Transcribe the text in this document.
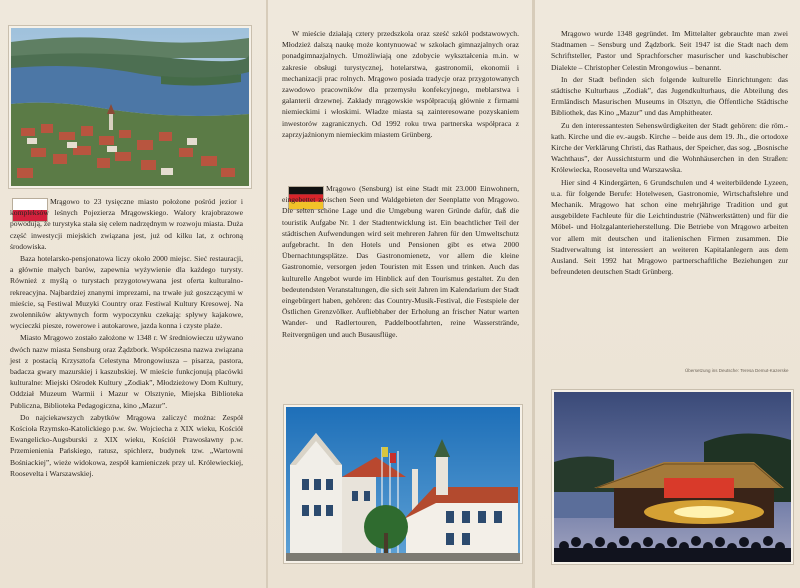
Mrągowo to 23 tysięczne miasto położone pośród jezior i kompleksów leśnych Pojezierza Mrągowskiego. Walory krajobrazowe powodują, że turystyka stała się celem nadrzędnym w rozwoju miasta. Duża część inwestycji miejskich związana jest, już od kilku lat, z ochroną środowiska.

Baza hotelarsko-pensjonatowa liczy około 2000 miejsc. Sieć restauracji, a głównie małych barów, zapewnia wyżywienie dla każdego turysty. Również z myślą o turystach przygotowywana jest oferta kulturalno-rekreacyjna. Najbardziej znanymi imprezami, na trwałe już goszczącymi w mieście, są Festiwal Muzyki Country oraz Festiwal Kultury Kresowej. Na zwolenników aktywnych form wypoczynku czekają: spływy kajakowe, wycieczki piesze, rowerowe i autokarowe, jazda konna i czyste plaże.

Miasto Mrągowo zostało założone w 1348 r. W średniowieczu używano dwóch nazw miasta Sensburg oraz Żądzbork. Współczesna nazwa związana jest z postacią Krzysztofa Celestyna Mrongowiusza – pisarza, pastora, badacza gwary mazurskiej i kaszubskiej. W mieście funkcjonują placówki kulturalne: Miejski Ośrodek Kultury „Zodiak”, Młodzieżowy Dom Kultury, Oddział Muzeum Warmii i Mazur w Olsztynie, Miejska Biblioteka Publiczna, Biblioteka Pedagogiczna, kino „Mazur”.

Do najciekawszych zabytków Mrągowa zaliczyć można: Zespół Kościoła Rzymsko-Katolickiego p.w. św. Wojciecha z XIX wieku, Kościół Ewangelicko-Augsburski z XIX wieku, Kościół Prawosławny p.w. Przemienienia Pańskiego, ratusz, spichlerz, budynek tzw. „Wartowni Bośniackiej”, wieże widokowa, zespół kamieniczek przy ul. Królewieckiej, Roosevelta i Warszawskiej.

W mieście działają cztery przedszkola oraz sześć szkół podstawowych. Młodzież dalszą naukę może kontynuować w szkołach gimnazjalnych oraz ponadgimnazjalnych. Umożliwiają one zdobycie wykształcenia m.in. w zakresie obsługi turystycznej, hotelarstwa, gastronomii, ekonomii i mechanizacji prac rolnych. Mrągowo posiada tradycje oraz przygotowanych zawodowo pracowników dla przemysłu konfekcyjnego, meblarstwa i galanterii drzewnej. Zakłady mrągowskie współpracują głównie z firmami niemieckimi i włoskimi. Władze miasta są zainteresowane pozyskaniem inwestorów zagranicznych. Od 1992 roku trwa partnerska współpraca z zaprzyjaźnionym niemieckim miastem Grünberg.

Mrągowo (Sensburg) ist eine Stadt mit 23.000 Einwohnern, eingebettet zwischen Seen und Waldgebieten der Seenplatte von Mrągowo. Die selten schöne Lage und die Umgebung waren Gründe dafür, daß die touristik Aufgabe Nr. 1 der Stadtentwicklung ist. Ein beachtlicher Teil der städtischen Aufwendungen wird seit mehreren Jahren für den Umweltschutz aufgebracht. In den Hotels und Pensionen gibt es etwa 2000 Übernachtungsplätze. Das Gastronomienetz, vor allem die kleine Gastronomie, versorgen jeden Touristen mit Essen und trinken. Auch das kulturelle Angebot wurde im Hinblick auf den Tourismus gestaltet. Zu den bedeutendsten Veranstaltungen, die sich seit Jahren im Kalendarium der Stadt eingebürgert haben, gehören: das Country-Musik-Festival, die Festspiele der Östlichen Grenzvölker. Aufliebhaber der Erholung an frischer Natur warten Wander- und Radlertouren, Paddelbootfahrten, reine Wasserstrände, Reitvergnügen und auch Busausflüge.

Mrągowo wurde 1348 gegründet. Im Mittelalter gebrauchte man zwei Stadtnamen – Sensburg und Żądzbork. Seit 1947 ist die Stadt nach dem Schriftsteller, Pastor und Sprachforscher masurischer und kaschubischer Dialekte – Christopher Celestin Mrongowius – benannt.

In der Stadt befinden sich folgende kulturelle Einrichtungen: das städtische Kulturhaus „Zodiak”, das Jugendkulturhaus, die Abteilung des Ermländisch Masurischen Museums in Olsztyn, die Öffentliche Städtische Bibliothek, das Kino „Mazur” und das Amphitheater.

Zu den interessantesten Sehenswürdigkeiten der Stadt gehören: die röm.-kath. Kirche und die ev.-augsb. Kirche – beide aus dem 19. Jh., die ortodoxe Kirche der Verklärung Christi, das Rathaus, der Speicher, das sog. „Bosnische Wachthaus”, der Aussichtsturm und die Wohnhäuserchen in den Straßen: Królewiecka, Roosevelta und Warszawska.

Hier sind 4 Kindergärten, 6 Grundschulen und 4 weiterbildende Lyzeen, u.a. für folgende Berufe: Hotelwesen, Gastronomie, Wirtschaftslehre und Mechanik. Mrągowo hat schon eine mehrjährige Tradition und gut ausgebildete Fachleute für die Leichtindustrie (Nähwerkstätten) und für die Möbel- und Holzgalanterieherstellung. Die Betriebe von Mrągowo arbeiten vor allem mit deutschen und italienischen Firmen zusammen. Die Stadtverwaltung ist interessiert an weiteren Kapitalanlegern aus dem Ausland. Seit 1992 hat Mrągowo partnerschaftliche Beziehungen zur befreundeten deutschen Stadt Grünberg.

Übersetzung ins Deutsche: Teresa Demut-Kazerske
